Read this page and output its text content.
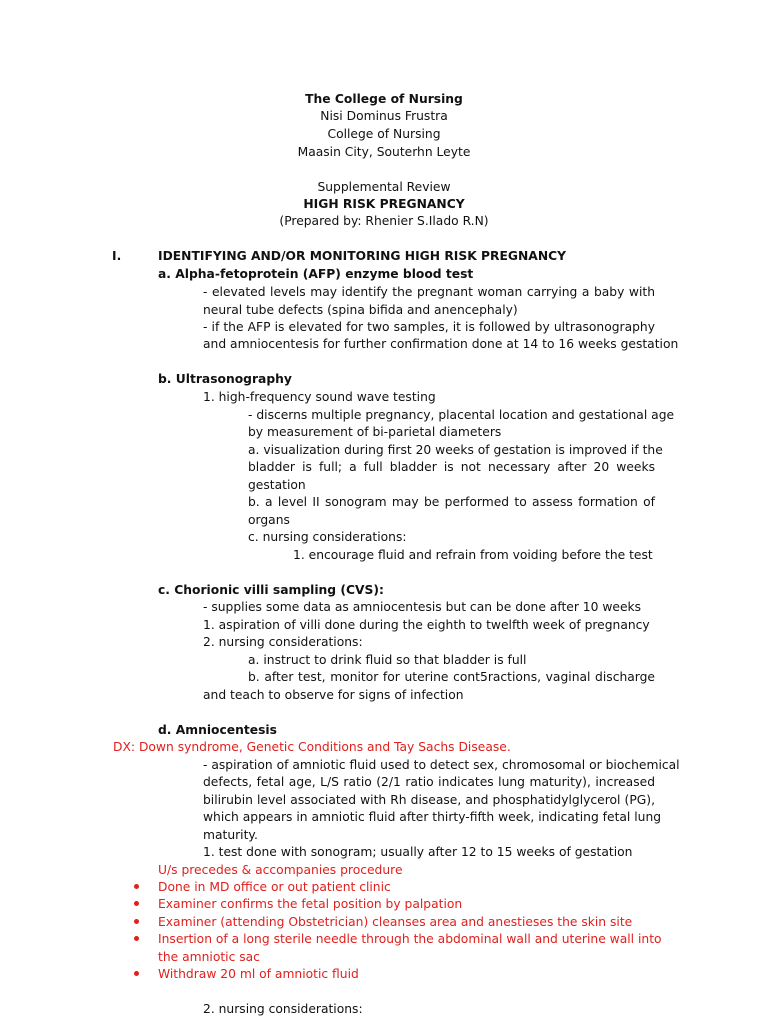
The College of Nursing
Nisi Dominus Frustra
College of Nursing
Maasin City, Souterhn Leyte
Supplemental Review
HIGH RISK PREGNANCY
(Prepared by: Rhenier S.Ilado R.N)
I.	IDENTIFYING AND/OR MONITORING HIGH RISK PREGNANCY
a. Alpha-fetoprotein (AFP) enzyme blood test
- elevated levels may identify the pregnant woman carrying a baby with
neural tube defects (spina bifida and anencephaly)
- if the AFP is elevated for two samples, it is followed by ultrasonography
and amniocentesis for further confirmation done at 14 to 16 weeks gestation
b. Ultrasonography
1. high-frequency sound wave testing
- discerns multiple pregnancy, placental location and gestational age
by measurement of bi-parietal diameters
a. visualization during first 20 weeks of gestation is improved if the
bladder is full; a full bladder is not necessary after 20 weeks
gestation
b. a level II sonogram may be performed to assess formation of
organs
c. nursing considerations:
1. encourage fluid and refrain from voiding before the test
c. Chorionic villi sampling (CVS):
- supplies some data as amniocentesis but can be done after 10 weeks
1. aspiration of villi done during the eighth to twelfth week of pregnancy
2. nursing considerations:
a. instruct to drink fluid so that bladder is full
b. after test, monitor for uterine cont5ractions, vaginal discharge
and teach to observe for signs of infection
d. Amniocentesis
DX: Down syndrome, Genetic Conditions and Tay Sachs Disease.
- aspiration of amniotic fluid used to detect sex, chromosomal or biochemical
defects, fetal age, L/S ratio (2/1 ratio indicates lung maturity), increased
bilirubin level associated with Rh disease, and phosphatidylglycerol (PG),
which appears in amniotic fluid after thirty-fifth week, indicating fetal lung
maturity.
1. test done with sonogram; usually after 12 to 15 weeks of gestation
U/s precedes & accompanies procedure
Done in MD office or out patient clinic
Examiner confirms the fetal position by palpation
Examiner (attending Obstetrician) cleanses area and anestieses the skin site
Insertion of a long sterile needle through the abdominal wall and uterine wall into
the amniotic sac
Withdraw 20 ml of amniotic fluid
2. nursing considerations:
